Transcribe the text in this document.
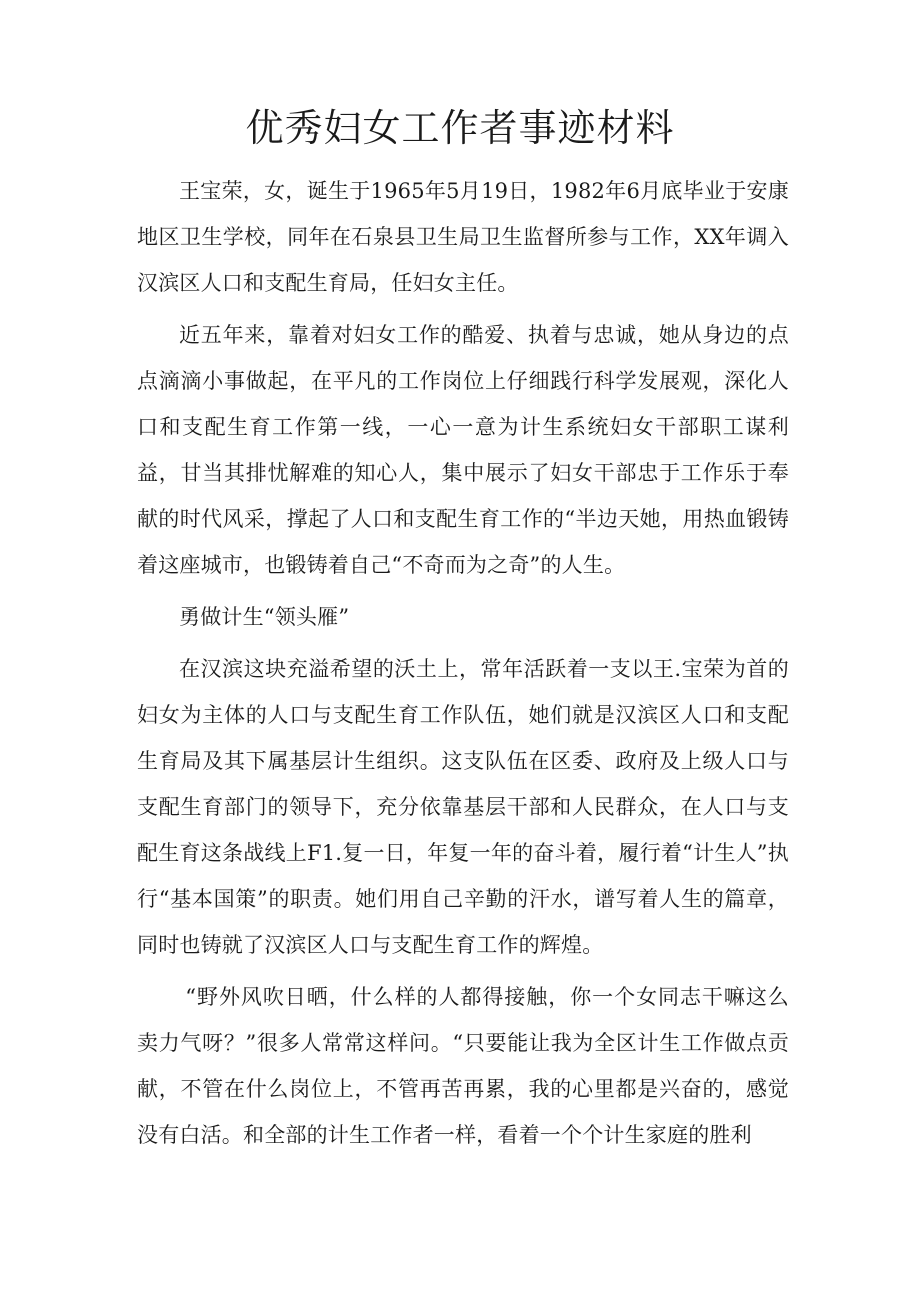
优秀妇女工作者事迹材料

王宝荣，女，诞生于1965年5月19日，1982年6月底毕业于安康地区卫生学校，同年在石泉县卫生局卫生监督所参与工作，XX年调入汉滨区人口和支配生育局，任妇女主任。

近五年来，靠着对妇女工作的酷爱、执着与忠诚，她从身边的点点滴滴小事做起，在平凡的工作岗位上仔细践行科学发展观，深化人口和支配生育工作第一线，一心一意为计生系统妇女干部职工谋利益，甘当其排忧解难的知心人，集中展示了妇女干部忠于工作乐于奉献的时代风采，撑起了人口和支配生育工作的“半边天她，用热血锻铸着这座城市，也锻铸着自己“不奇而为之奇”的人生。

勇做计生“领头雁”

在汉滨这块充溢希望的沃土上，常年活跃着一支以王.宝荣为首的妇女为主体的人口与支配生育工作队伍，她们就是汉滨区人口和支配生育局及其下属基层计生组织。这支队伍在区委、政府及上级人口与支配生育部门的领导下，充分依靠基层干部和人民群众，在人口与支配生育这条战线上F1.复一日，年复一年的奋斗着，履行着“计生人”执行“基本国策”的职责。她们用自己辛勤的汗水，谱写着人生的篇章，同时也铸就了汉滨区人口与支配生育工作的辉煌。

“野外风吹日晒，什么样的人都得接触，你一个女同志干嘛这么卖力气呀？”很多人常常这样问。“只要能让我为全区计生工作做点贡献，不管在什么岗位上，不管再苦再累，我的心里都是兴奋的，感觉没有白活。和全部的计生工作者一样，看着一个个计生家庭的胜利
